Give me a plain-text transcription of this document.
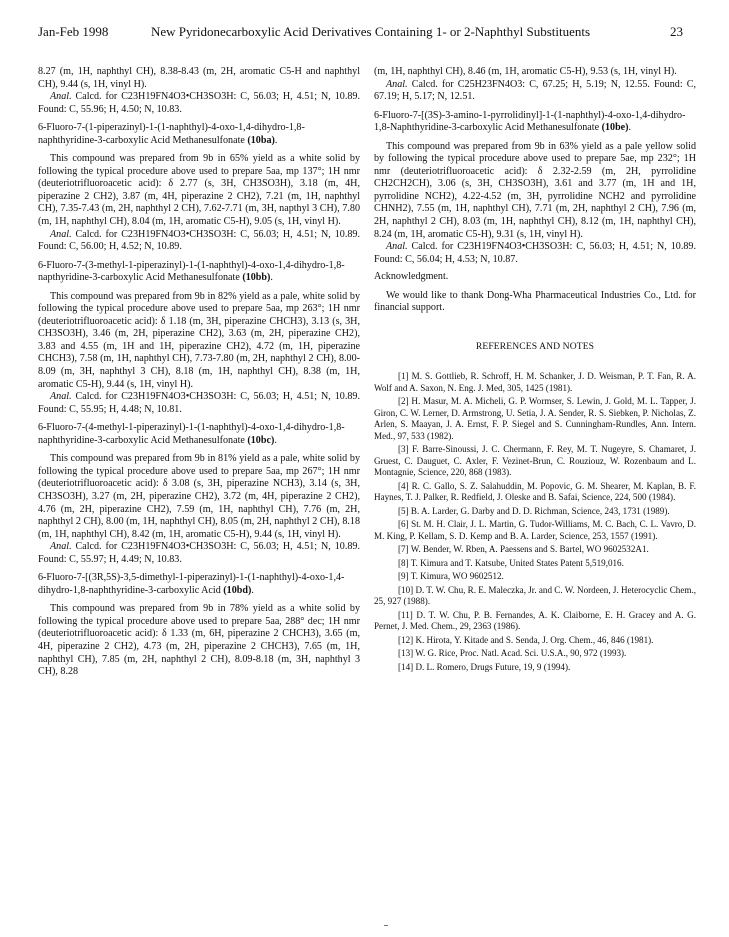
Jan-Feb 1998	New Pyridonecarboxylic Acid Derivatives Containing 1- or 2-Naphthyl Substituents	23

8.27 (m, 1H, naphthyl CH), 8.38-8.43 (m, 2H, aromatic C5-H and naphthyl CH), 9.44 (s, 1H, vinyl H).

Anal. Calcd. for C23H19FN4O3•CH3SO3H: C, 56.03; H, 4.51; N, 10.89. Found: C, 55.96; H, 4.50; N, 10.83.

6-Fluoro-7-(1-piperazinyl)-1-(1-naphthyl)-4-oxo-1,4-dihydro-1,8-naphthyridine-3-carboxylic Acid Methanesulfonate (10ba).

This compound was prepared from 9b in 65% yield as a white solid by following the typical procedure above used to prepare 5aa, mp 137°; 1H nmr (deuteriotrifluoroacetic acid): δ 2.77 (s, 3H, CH3SO3H), 3.18 (m, 4H, piperazine 2 CH2), 3.87 (m, 4H, piperazine 2 CH2), 7.21 (m, 1H, naphthyl CH), 7.35-7.43 (m, 2H, naphthyl 2 CH), 7.62-7.71 (m, 3H, napthyl 3 CH), 7.80 (m, 1H, naphthyl CH), 8.04 (m, 1H, aromatic C5-H), 9.05 (s, 1H, vinyl H).

Anal. Calcd. for C23H19FN4O3•CH3SO3H: C, 56.03; H, 4.51; N, 10.89. Found: C, 56.00; H, 4.52; N, 10.89.

6-Fluoro-7-(3-methyl-1-piperazinyl)-1-(1-naphthyl)-4-oxo-1,4-dihydro-1,8-napthyridine-3-carboxylic Acid Methanesulfonate (10bb).

This compound was prepared from 9b in 82% yield as a pale, white solid by following the typical procedure above used to prepare 5aa, mp 263°; 1H nmr (deuteriotrifluoroacetic acid): δ 1.18 (m, 3H, piperazine CHCH3), 3.13 (s, 3H, CH3SO3H), 3.46 (m, 2H, piperazine CH2), 3.63 (m, 2H, piperazine CH2), 3.83 and 4.55 (m, 1H and 1H, piperazine CH2), 4.72 (m, 1H, piperazine CHCH3), 7.58 (m, 1H, naphthyl CH), 7.73-7.80 (m, 2H, naphthyl 2 CH), 8.00-8.09 (m, 3H, naphthyl 3 CH), 8.18 (m, 1H, naphthyl CH), 8.38 (m, 1H, aromatic C5-H), 9.44 (s, 1H, vinyl H).

Anal. Calcd. for C23H19FN4O3•CH3SO3H: C, 56.03; H, 4.51; N, 10.89. Found: C, 55.95; H, 4.48; N, 10.81.

6-Fluoro-7-(4-methyl-1-piperazinyl)-1-(1-naphthyl)-4-oxo-1,4-dihydro-1,8-naphthyridine-3-carboxylic Acid Methanesulfonate (10bc).

This compound was prepared from 9b in 81% yield as a pale, white solid by following the typical procedure above used to prepare 5aa, mp 267°; 1H nmr (deuteriotrifluoroacetic acid): δ 3.08 (s, 3H, piperazine NCH3), 3.14 (s, 3H, CH3SO3H), 3.27 (m, 2H, piperazine CH2), 3.72 (m, 4H, piperazine 2 CH2), 4.76 (m, 2H, piperazine CH2), 7.59 (m, 1H, naphthyl CH), 7.76 (m, 2H, naphthyl 2 CH), 8.00 (m, 1H, naphthyl CH), 8.05 (m, 2H, naphthyl 2 CH), 8.18 (m, 1H, naphthyl CH), 8.42 (m, 1H, aromatic C5-H), 9.44 (s, 1H, vinyl H).

Anal. Calcd. for C23H19FN4O3•CH3SO3H: C, 56.03; H, 4.51; N, 10.89. Found: C, 55.97; H, 4.49; N, 10.83.

6-Fluoro-7-[(3R,5S)-3,5-dimethyl-1-piperazinyl)-1-(1-naphthyl)-4-oxo-1,4-dihydro-1,8-naphthyridine-3-carboxylic Acid (10bd).

This compound was prepared from 9b in 78% yield as a white solid by following the typical procedure above used to prepare 5aa, 288° dec; 1H nmr (deuteriotrifluoroacetic acid): δ 1.33 (m, 6H, piperazine 2 CHCH3), 3.65 (m, 4H, piperazine 2 CH2), 4.73 (m, 2H, piperazine 2 CHCH3), 7.65 (m, 1H, naphthyl CH), 7.85 (m, 2H, naphthyl 2 CH), 8.09-8.18 (m, 3H, naphthyl 3 CH), 8.28

(m, 1H, naphthyl CH), 8.46 (m, 1H, aromatic C5-H), 9.53 (s, 1H, vinyl H).

Anal. Calcd. for C25H23FN4O3: C, 67.25; H, 5.19; N, 12.55. Found: C, 67.19; H, 5.17; N, 12.51.

6-Fluoro-7-[(3S)-3-amino-1-pyrrolidinyl]-1-(1-naphthyl)-4-oxo-1,4-dihydro-1,8-Naphthyridine-3-carboxylic Acid Methanesulfonate (10be).

This compound was prepared from 9b in 63% yield as a pale yellow solid by following the typical procedure above used to prepare 5ae, mp 232°; 1H nmr (deuteriotrifluoroacetic acid): δ 2.32-2.59 (m, 2H, pyrrolidine CH2CH2CH), 3.06 (s, 3H, CH3SO3H), 3.61 and 3.77 (m, 1H and 1H, pyrrolidine NCH2), 4.22-4.52 (m, 3H, pyrrolidine NCH2 and pyrrolidine CHNH2), 7.55 (m, 1H, naphthyl CH), 7.71 (m, 2H, naphthyl 2 CH), 7.96 (m, 2H, naphthyl 2 CH), 8.03 (m, 1H, naphthyl CH), 8.12 (m, 1H, naphthyl CH), 8.24 (m, 1H, aromatic C5-H), 9.31 (s, 1H, vinyl H).

Anal. Calcd. for C23H19FN4O3•CH3SO3H: C, 56.03; H, 4.51; N, 10.89. Found: C, 56.04; H, 4.53; N, 10.87.

Acknowledgment.

We would like to thank Dong-Wha Pharmaceutical Industries Co., Ltd. for financial support.

REFERENCES AND NOTES

[1] M. S. Gottlieb, R. Schroff, H. M. Schanker, J. D. Weisman, P. T. Fan, R. A. Wolf and A. Saxon, N. Eng. J. Med, 305, 1425 (1981).

[2] H. Masur, M. A. Micheli, G. P. Wormser, S. Lewin, J. Gold, M. L. Tapper, J. Giron, C. W. Lerner, D. Armstrong, U. Setia, J. A. Sender, R. S. Siebken, P. Nicholas, Z. Arlen, S. Maayan, J. A. Ernst, F. P. Siegel and S. Cunningham-Rundles, Ann. Intern. Med., 97, 533 (1982).

[3] F. Barre-Sinoussi, J. C. Chermann, F. Rey, M. T. Nugeyre, S. Chamaret, J. Gruest, C. Dauguet, C. Axler, F. Vezinet-Brun, C. Rouziouz, W. Rozenbaum and L. Montagnie, Science, 220, 868 (1983).

[4] R. C. Gallo, S. Z. Salahuddin, M. Popovic, G. M. Shearer, M. Kaplan, B. F. Haynes, T. J. Palker, R. Redfield, J. Oleske and B. Safai, Science, 224, 500 (1984).

[5] B. A. Larder, G. Darby and D. D. Richman, Science, 243, 1731 (1989).

[6] St. M. H. Clair, J. L. Martin, G. Tudor-Williams, M. C. Bach, C. L. Vavro, D. M. King, P. Kellam, S. D. Kemp and B. A. Larder, Science, 253, 1557 (1991).

[7] W. Bender, W. Rben, A. Paessens and S. Bartel, WO 9602532A1.

[8] T. Kimura and T. Katsube, United States Patent 5,519,016.

[9] T. Kimura, WO 9602512.

[10] D. T. W. Chu, R. E. Maleczka, Jr. and C. W. Nordeen, J. Heterocyclic Chem., 25, 927 (1988).

[11] D. T. W. Chu, P. B. Fernandes, A. K. Claiborne, E. H. Gracey and A. G. Pernet, J. Med. Chem., 29, 2363 (1986).

[12] K. Hirota, Y. Kitade and S. Senda, J. Org. Chem., 46, 846 (1981).

[13] W. G. Rice, Proc. Natl. Acad. Sci. U.S.A., 90, 972 (1993).

[14] D. L. Romero, Drugs Future, 19, 9 (1994).
